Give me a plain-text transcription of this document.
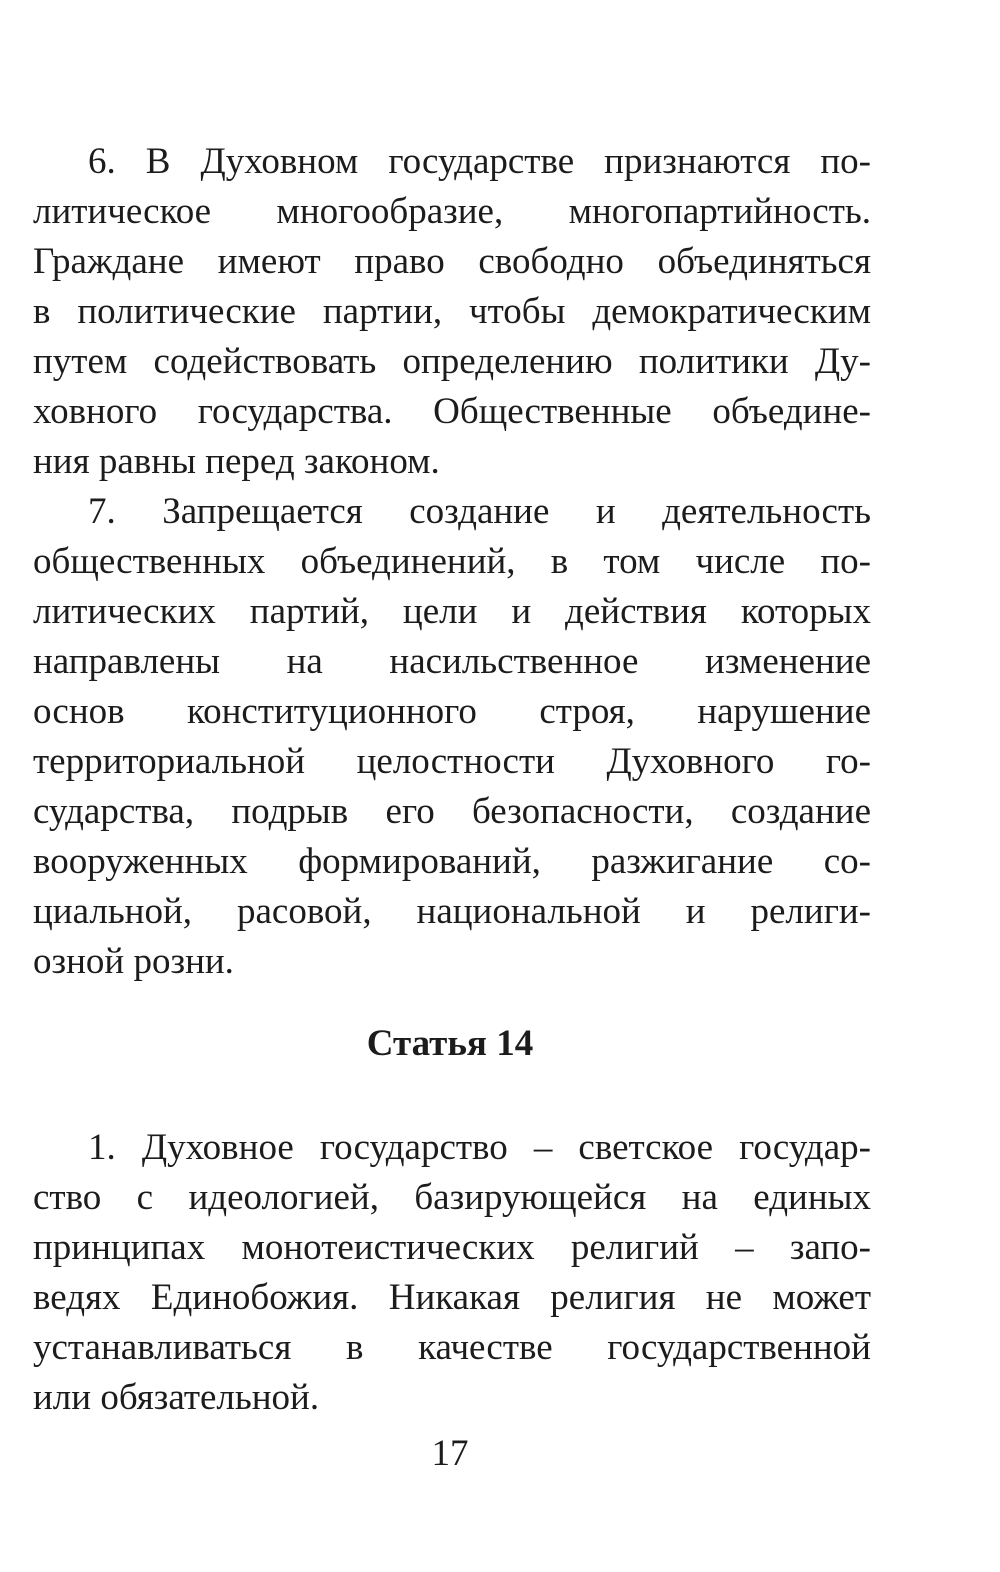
6. В Духовном государстве признаются по-
литическое многообразие, многопартийность.
Граждане имеют право свободно объединяться
в политические партии, чтобы демократическим
путем содействовать определению политики Ду-
ховного государства. Общественные объедине-
ния равны перед законом.
7. Запрещается создание и деятельность
общественных объединений, в том числе по-
литических партий, цели и действия которых
направлены на насильственное изменение
основ конституционного строя, нарушение
территориальной целостности Духовного го-
сударства, подрыв его безопасности, создание
вооруженных формирований, разжигание со-
циальной, расовой, национальной и религи-
озной розни.
Статья 14
1. Духовное государство – светское государ-
ство с идеологией, базирующейся на единых
принципах монотеистических религий – запо-
ведях Единобожия. Никакая религия не может
устанавливаться в качестве государственной
или обязательной.
17
